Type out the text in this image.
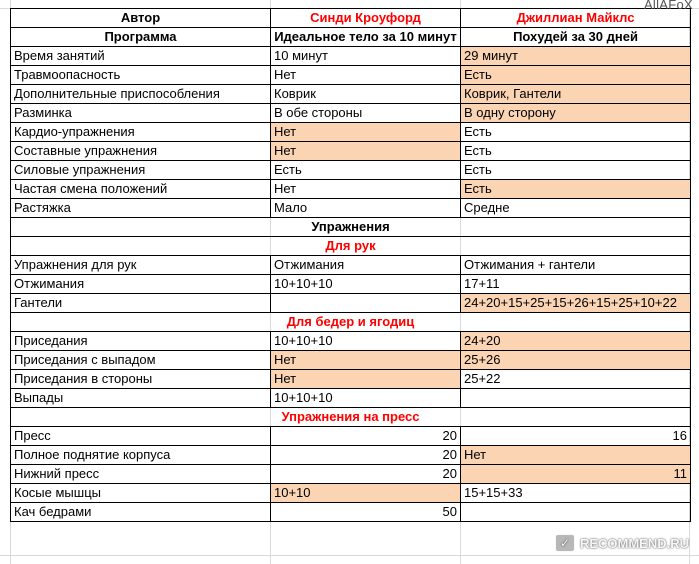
Автор	Синди Кроуфорд	Джиллиан Майклс
Программа	Идеальное тело за 10 минут	Похудей за 30 дней
Время занятий	10 минут	29 минут
Травмоопасность	Нет	Есть
Дополнительные приспособления	Коврик	Коврик, Гантели
Разминка	В обе стороны	В одну сторону
Кардио-упражнения	Нет	Есть
Составные упражнения	Нет	Есть
Силовые упражнения	Есть	Есть
Частая смена положений	Нет	Есть
Растяжка	Мало	Средне
Упражнения		
Для рук		
Упражнения для рук	Отжимания	Отжимания + гантели
Отжимания	10+10+10	17+11
Гантели		24+20+15+25+15+26+15+25+10+22
Для бедер и ягодиц		
Приседания	10+10+10	24+20
Приседания с выпадом	Нет	25+26
Приседания в стороны	Нет	25+22
Выпады	10+10+10	
Упражнения на пресс		
Пресс	20	16
Полное поднятие корпуса	20	Нет
Нижний пресс	20	11
Косые мышцы	10+10	15+15+33
Кач бедрами	50	
AllAFoX
✓ RECOMMEND.RU
